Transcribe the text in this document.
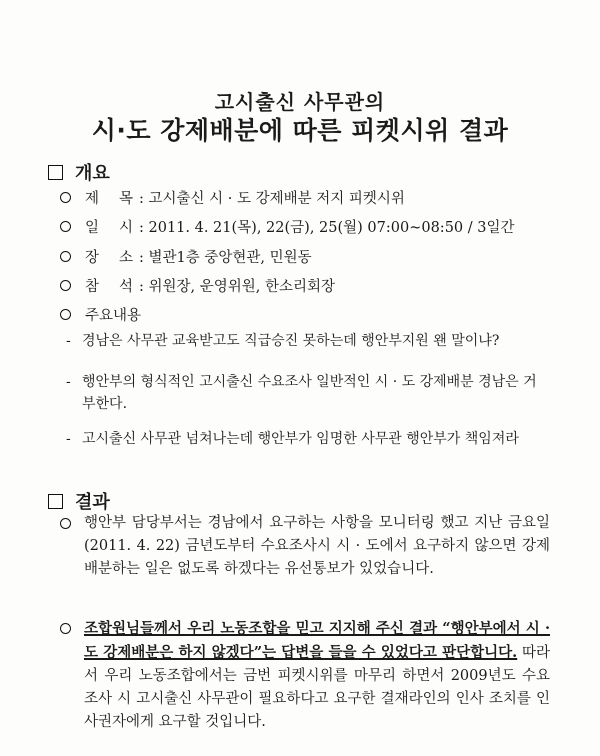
고시출신 사무관의
시·도 강제배분에 따른 피켓시위 결과
개요
제 목 : 고시출신 시 · 도 강제배분 저지 피켓시위
일 시 : 2011. 4. 21(목), 22(금), 25(월) 07:00~08:50 / 3일간
장 소 : 별관1층 중앙현관, 민원동
참 석 : 위원장, 운영위원, 한소리회장
주요내용
- 경남은 사무관 교육받고도 직급승진 못하는데 행안부지원 왠 말이냐?
- 행안부의 형식적인 고시출신 수요조사 일반적인 시 · 도 강제배분 경남은 거부한다.
- 고시출신 사무관 넘쳐나는데 행안부가 임명한 사무관 행안부가 책임져라
결과
행안부 담당부서는 경남에서 요구하는 사항을 모니터링 했고 지난 금요일(2011. 4. 22) 금년도부터 수요조사시 시 · 도에서 요구하지 않으면 강제배분하는 일은 없도록 하겠다는 유선통보가 있었습니다.
조합원님들께서 우리 노동조합을 믿고 지지해 주신 결과 “행안부에서 시 · 도 강제배분은 하지 않겠다”는 답변을 들을 수 있었다고 판단합니다. 따라서 우리 노동조합에서는 금번 피켓시위를 마무리 하면서 2009년도 수요 조사 시 고시출신 사무관이 필요하다고 요구한 결재라인의 인사 조치를 인사권자에게 요구할 것입니다.
